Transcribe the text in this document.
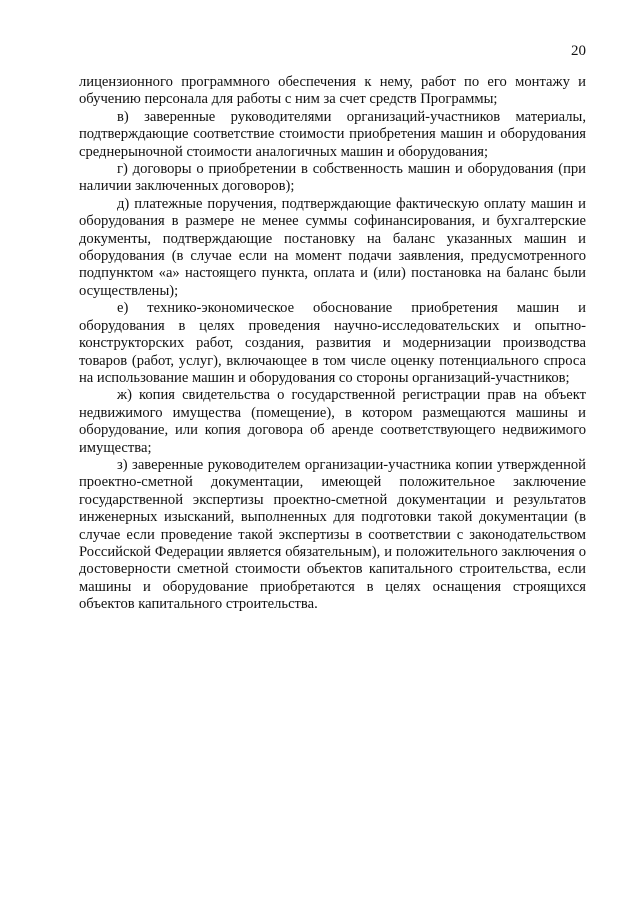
20

лицензионного программного обеспечения к нему, работ по его монтажу и обучению персонала для работы с ним за счет средств Программы;

в) заверенные руководителями организаций-участников материалы, подтверждающие соответствие стоимости приобретения машин и оборудования среднерыночной стоимости аналогичных машин и оборудования;

г) договоры о приобретении в собственность машин и оборудования (при наличии заключенных договоров);

д) платежные поручения, подтверждающие фактическую оплату машин и оборудования в размере не менее суммы софинансирования, и бухгалтерские документы, подтверждающие постановку на баланс указанных машин и оборудования (в случае если на момент подачи заявления, предусмотренного подпунктом «а» настоящего пункта, оплата и (или) постановка на баланс были осуществлены);

е) технико-экономическое обоснование приобретения машин и оборудования в целях проведения научно-исследовательских и опытно-конструкторских работ, создания, развития и модернизации производства товаров (работ, услуг), включающее в том числе оценку потенциального спроса на использование машин и оборудования со стороны организаций-участников;

ж) копия свидетельства о государственной регистрации прав на объект недвижимого имущества (помещение), в котором размещаются машины и оборудование, или копия договора об аренде соответствующего недвижимого имущества;

з) заверенные руководителем организации-участника копии утвержденной проектно-сметной документации, имеющей положительное заключение государственной экспертизы проектно-сметной документации и результатов инженерных изысканий, выполненных для подготовки такой документации (в случае если проведение такой экспертизы в соответствии с законодательством Российской Федерации является обязательным), и положительного заключения о достоверности сметной стоимости объектов капитального строительства, если машины и оборудование приобретаются в целях оснащения строящихся объектов капитального строительства.
